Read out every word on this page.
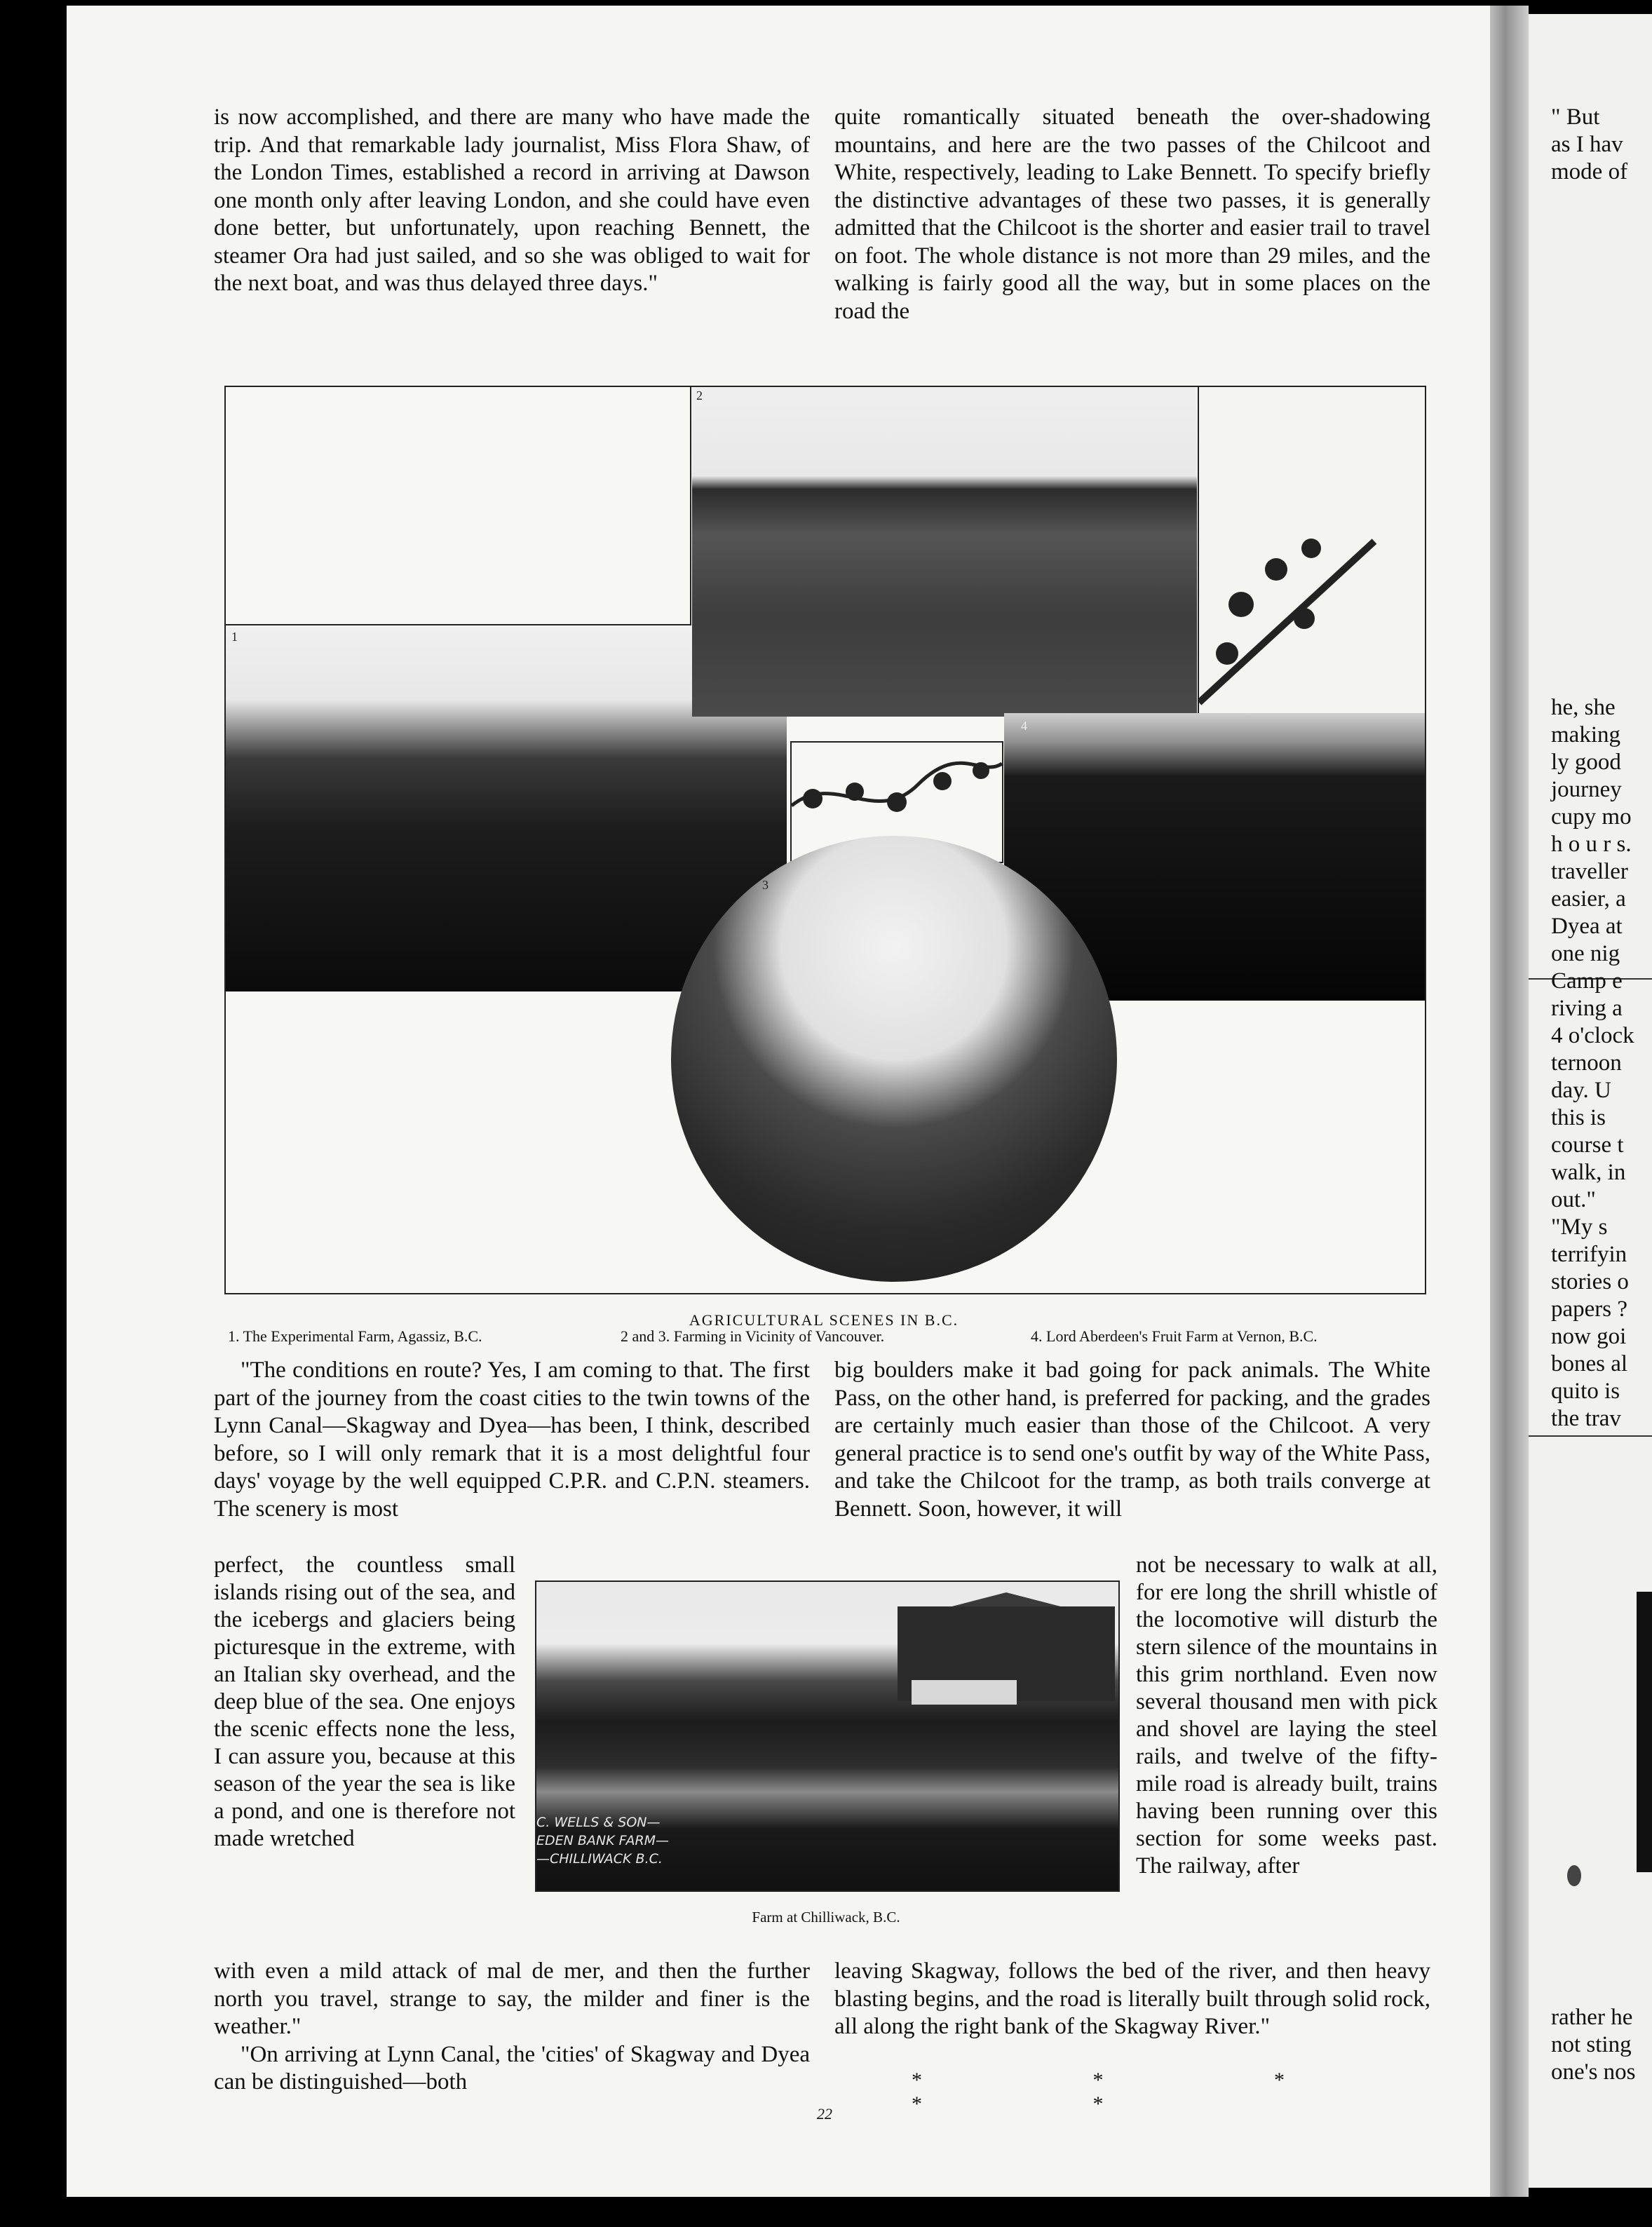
is now accomplished, and there are many who have made the trip. And that remarkable lady journalist, Miss Flora Shaw, of the London Times, established a record in arriving at Dawson one month only after leaving London, and she could have even done better, but unfortunately, upon reaching Bennett, the steamer Ora had just sailed, and so she was obliged to wait for the next boat, and was thus delayed three days."

quite romantically situated beneath the over-shadowing mountains, and here are the two passes of the Chilcoot and White, respectively, leading to Lake Bennett. To specify briefly the distinctive advantages of these two passes, it is generally admitted that the Chilcoot is the shorter and easier trail to travel on foot. The whole distance is not more than 29 miles, and the walking is fairly good all the way, but in some places on the road the

1
2
4
3
AGRICULTURAL SCENES IN B.C.
1. The Experimental Farm, Agassiz, B.C.	2 and 3. Farming in Vicinity of Vancouver.	4. Lord Aberdeen's Fruit Farm at Vernon, B.C.

"The conditions en route? Yes, I am coming to that. The first part of the journey from the coast cities to the twin towns of the Lynn Canal—Skagway and Dyea—has been, I think, described before, so I will only remark that it is a most delightful four days' voyage by the well equipped C.P.R. and C.P.N. steamers. The scenery is most

big boulders make it bad going for pack animals. The White Pass, on the other hand, is preferred for packing, and the grades are certainly much easier than those of the Chilcoot. A very general practice is to send one's outfit by way of the White Pass, and take the Chilcoot for the tramp, as both trails converge at Bennett. Soon, however, it will

perfect, the countless small islands rising out of the sea, and the icebergs and glaciers being picturesque in the extreme, with an Italian sky overhead, and the deep blue of the sea. One enjoys the scenic effects none the less, I can assure you, because at this season of the year the sea is like a pond, and one is therefore not made wretched

not be necessary to walk at all, for ere long the shrill whistle of the locomotive will disturb the stern silence of the mountains in this grim northland. Even now several thousand men with pick and shovel are laying the steel rails, and twelve of the fifty-mile road is already built, trains having been running over this section for some weeks past. The railway, after

C. WELLS & SON—
EDEN BANK FARM—
—CHILLIWACK B.C.
Farm at Chilliwack, B.C.

with even a mild attack of mal de mer, and then the further north you travel, strange to say, the milder and finer is the weather."

"On arriving at Lynn Canal, the 'cities' of Skagway and Dyea can be distinguished—both

leaving Skagway, follows the bed of the river, and then heavy blasting begins, and the road is literally built through solid rock, all along the right bank of the Skagway River."

* * * * *
22
" But
as I hav
mode of
he, she
making
ly good
journey
cupy mo
h o u r s.
traveller
easier, a
Dyea at
one nig
Camp e
riving a
4 o'clock
ternoon
day. U
this is
course t
walk, in
out."
"My s
terrifyin
stories o
papers ?
now goi
bones al
quito is
the trav
rather he
not sting
one's nos
